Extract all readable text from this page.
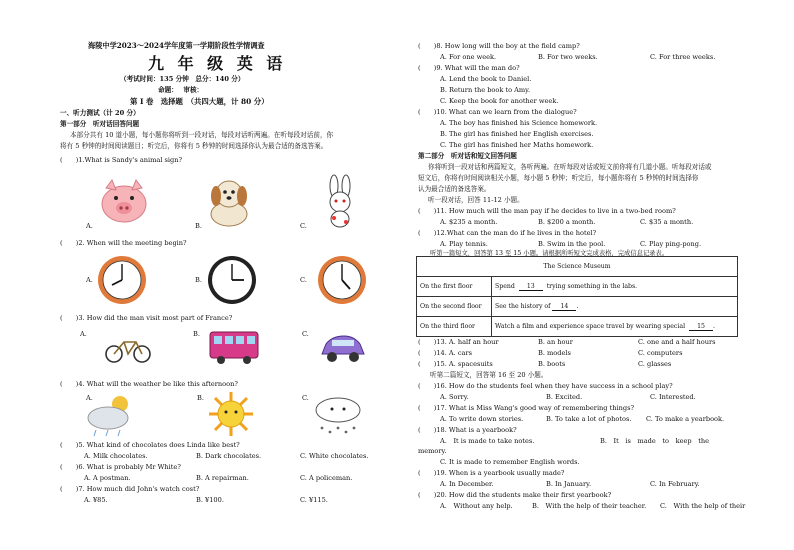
海陵中学2023～2024学年度第一学期阶段性学情调查
九 年 级 英 语
（考试时间：135 分钟　总分：140 分）
命题：　 审核：
第 Ⅰ 卷　选择题　（共四大题，计 80 分）
一、听力测试（计 20 分）
第一部分　听对话回答问题
本部分共有 10 道小题，每小题你将听到一段对话，每段对话听两遍。在听每段对话前，你
将有 5 秒钟的时间阅读题目；听完后，你将有 5 秒钟的时间选择你认为最合适的备选答案。
(　　)1.What is Sandy's animal sign?
A.	B.	C.
(　　)2. When will the meeting begin?
A.	B.	C.
(　　)3. How did the man visit most part of France?
A.	B.	C.
(　　)4. What will the weather be like this afternoon?
A.	B.	C.
(　　)5. What kind of chocolates does Linda like best?
A. Milk chocolates.	B. Dark chocolates.	C. White chocolates.
(　　)6. What is probably Mr White?
A. A postman.	B. A repairman.	C. A policeman.
(　　)7. How much did John's watch cost?
A. ¥85.	B. ¥100.	C. ¥115.
(　　)8. How long will the boy at the field camp?
A. For one week.	B. For two weeks.	C. For three weeks.
(　　)9. What will the man do?
A. Lend the book to Daniel.
B. Return the book to Amy.
C. Keep the book for another week.
(　　)10. What can we learn from the dialogue?
A. The boy has finished his Science homework.
B. The girl has finished her English exercises.
C. The girl has finished her Maths homework.
第二部分　听对话和短文回答问题
你将听到一段对话和两篇短文，各听两遍。在听每段对话或短文前你将有几道小题。听每段对话或
短文后，你将有时间阅读相关小题，每小题 5 秒钟；听完后，每小题你将有 5 秒钟的时间选择你
认为最合适的备选答案。
听一段对话，回答 11-12 小题。
(　　)11. How much will the man pay if he decides to live in a two-bed room?
A. $235 a month.	B. $200 a month.	C. $35 a month.
(　　)12.What can the man do if he lives in the hotel?
A. Play tennis.	B. Swim in the pool.	C. Play ping-pong.
听第一篇短文，回答第 13 至 15 小题。请根据所听短文完成表格，完成信息记录表。
The Science Museum	
On the first floor	Spend 13 trying something in the labs.
On the second floor	See the history of 14 .
On the third floor	Watch a film and experience space travel by wearing special 15 .
(　　)13. A. half an hour	B. an hour	C. one and a half hours
(　　)14. A. cars	B. models	C. computers
(　　)15. A. spacesuits	B. boots	C. glasses
听第二篇短文，回答第 16 至 20 小题。
(　　)16. How do the students feel when they have success in a school play?
A. Sorry.	B. Excited.	C. Interested.
(　　)17. What is Miss Wang's good way of remembering things?
A. To write down stories.	B. To take a lot of photos. C. To make a yearbook.
(　　)18. What is a yearbook?
A.　It is made to take notes.	B.　It　is　made　to　keep　the
memory.
C. It is made to remember English words.
(　　)19. When is a yearbook usually made?
A. In December.	B. In January.	C. In February.
(　　)20. How did the students make their first yearbook?
A.　Without any help.	B.　With the help of their teacher. C.　With the help of their
